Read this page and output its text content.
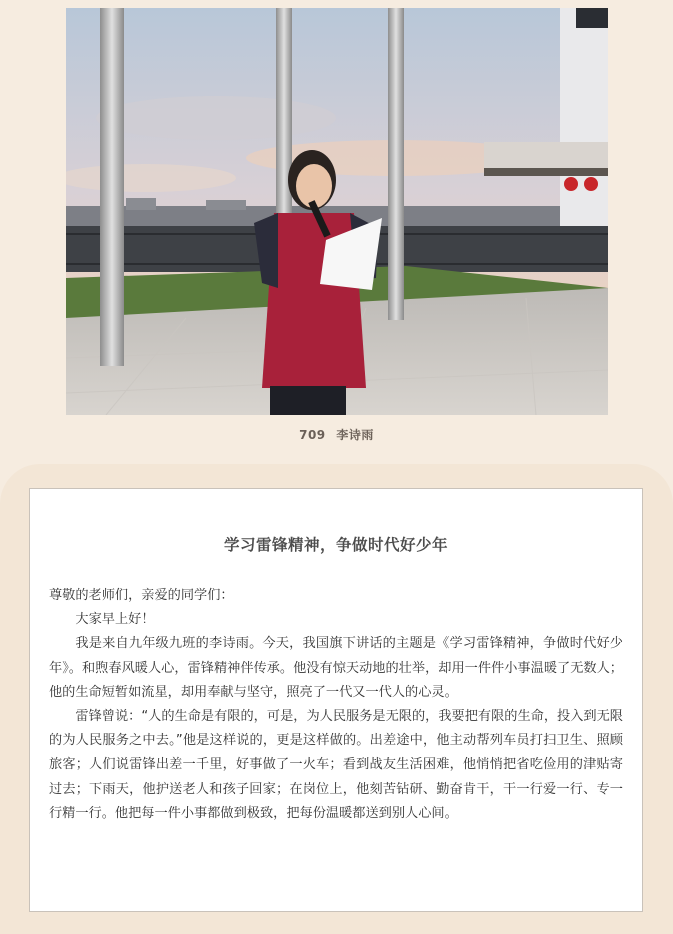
709 李诗雨
学习雷锋精神，争做时代好少年

尊敬的老师们，亲爱的同学们：

大家早上好！

我是来自九年级九班的李诗雨。今天，我国旗下讲话的主题是《学习雷锋精神，争做时代好少年》。和煦春风暖人心，雷锋精神伴传承。他没有惊天动地的壮举，却用一件件小事温暖了无数人；他的生命短暂如流星，却用奉献与坚守，照亮了一代又一代人的心灵。

雷锋曾说：“人的生命是有限的，可是，为人民服务是无限的，我要把有限的生命，投入到无限的为人民服务之中去。”他是这样说的，更是这样做的。出差途中，他主动帮列车员打扫卫生、照顾旅客；人们说雷锋出差一千里，好事做了一火车；看到战友生活困难，他悄悄把省吃俭用的津贴寄过去；下雨天，他护送老人和孩子回家；在岗位上，他刻苦钻研、勤奋肯干，干一行爱一行、专一行精一行。他把每一件小事都做到极致，把每份温暖都送到别人心间。
